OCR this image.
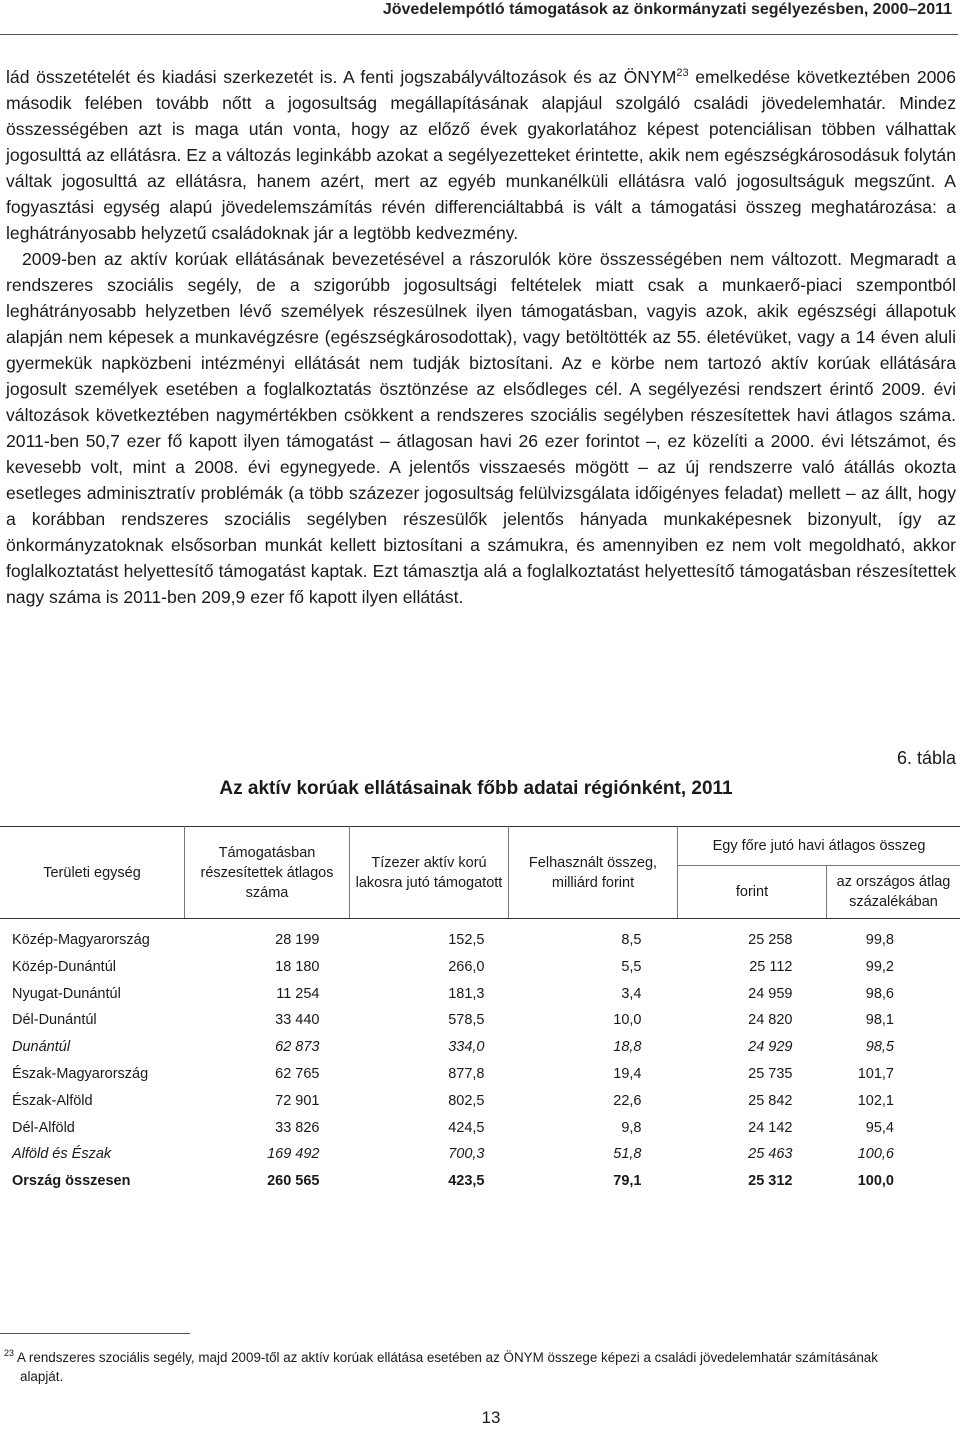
Jövedelempótló támogatások az önkormányzati segélyezésben, 2000–2011

lád összetételét és kiadási szerkezetét is. A fenti jogszabályváltozások és az ÖNYM$^{23}$ emelkedése következtében 2006 második felében tovább nőtt a jogosultság megállapításának alapjául szolgáló családi jövedelemhatár. Mindez összességében azt is maga után vonta, hogy az előző évek gyakorlatához képest potenciálisan többen válhattak jogosulttá az ellátásra. Ez a változás leginkább azokat a segélyezetteket érintette, akik nem egészségkárosodásuk folytán váltak jogosulttá az ellátásra, hanem azért, mert az egyéb munkanélküli ellátásra való jogosultságuk megszűnt. A fogyasztási egység alapú jövedelemszámítás révén differenciáltabbá is vált a támogatási összeg meghatározása: a leghátrányosabb helyzetű családoknak jár a legtöbb kedvezmény.

2009-ben az aktív korúak ellátásának bevezetésével a rászorulók köre összességében nem változott. Megmaradt a rendszeres szociális segély, de a szigorúbb jogosultsági feltételek miatt csak a munkaerő-piaci szempontból leghátrányosabb helyzetben lévő személyek részesülnek ilyen támogatásban, vagyis azok, akik egészségi állapotuk alapján nem képesek a munkavégzésre (egészségkárosodottak), vagy betöltötték az 55. életévüket, vagy a 14 éven aluli gyermekük napközbeni intézményi ellátását nem tudják biztosítani. Az e körbe nem tartozó aktív korúak ellátására jogosult személyek esetében a foglalkoztatás ösztönzése az elsődleges cél. A segélyezési rendszert érintő 2009. évi változások következtében nagymértékben csökkent a rendszeres szociális segélyben részesítettek havi átlagos száma. 2011-ben 50,7 ezer fő kapott ilyen támogatást – átlagosan havi 26 ezer forintot –, ez közelíti a 2000. évi létszámot, és kevesebb volt, mint a 2008. évi egynegyede. A jelentős visszaesés mögött – az új rendszerre való átállás okozta esetleges adminisztratív problémák (a több százezer jogosultság felülvizsgálata időigényes feladat) mellett – az állt, hogy a korábban rendszeres szociális segélyben részesülők jelentős hányada munkaképesnek bizonyult, így az önkormányzatoknak elsősorban munkát kellett biztosítani a számukra, és amennyiben ez nem volt megoldható, akkor foglalkoztatást helyettesítő támogatást kaptak. Ezt támasztja alá a foglalkoztatást helyettesítő támogatásban részesítettek nagy száma is 2011-ben 209,9 ezer fő kapott ilyen ellátást.

6. tábla
Az aktív korúak ellátásainak főbb adatai régiónként, 2011
Területi egység	Támogatásban részesítettek átlagos száma	Tízezer aktív korú lakosra jutó támogatott	Felhasznált összeg, milliárd forint	Egy főre jutó havi átlagos összeg	
				forint	az országos átlag százalékában
Közép-Magyarország	28 199	152,5	8,5	25 258	99,8
Közép-Dunántúl	18 180	266,0	5,5	25 112	99,2
Nyugat-Dunántúl	11 254	181,3	3,4	24 959	98,6
Dél-Dunántúl	33 440	578,5	10,0	24 820	98,1
Dunántúl	62 873	334,0	18,8	24 929	98,5
Észak-Magyarország	62 765	877,8	19,4	25 735	101,7
Észak-Alföld	72 901	802,5	22,6	25 842	102,1
Dél-Alföld	33 826	424,5	9,8	24 142	95,4
Alföld és Észak	169 492	700,3	51,8	25 463	100,6
Ország összesen	260 565	423,5	79,1	25 312	100,0
$^{23}$ A rendszeres szociális segély, majd 2009-től az aktív korúak ellátása esetében az ÖNYM összege képezi a családi jövedelemhatár számításának
alapját.
13
